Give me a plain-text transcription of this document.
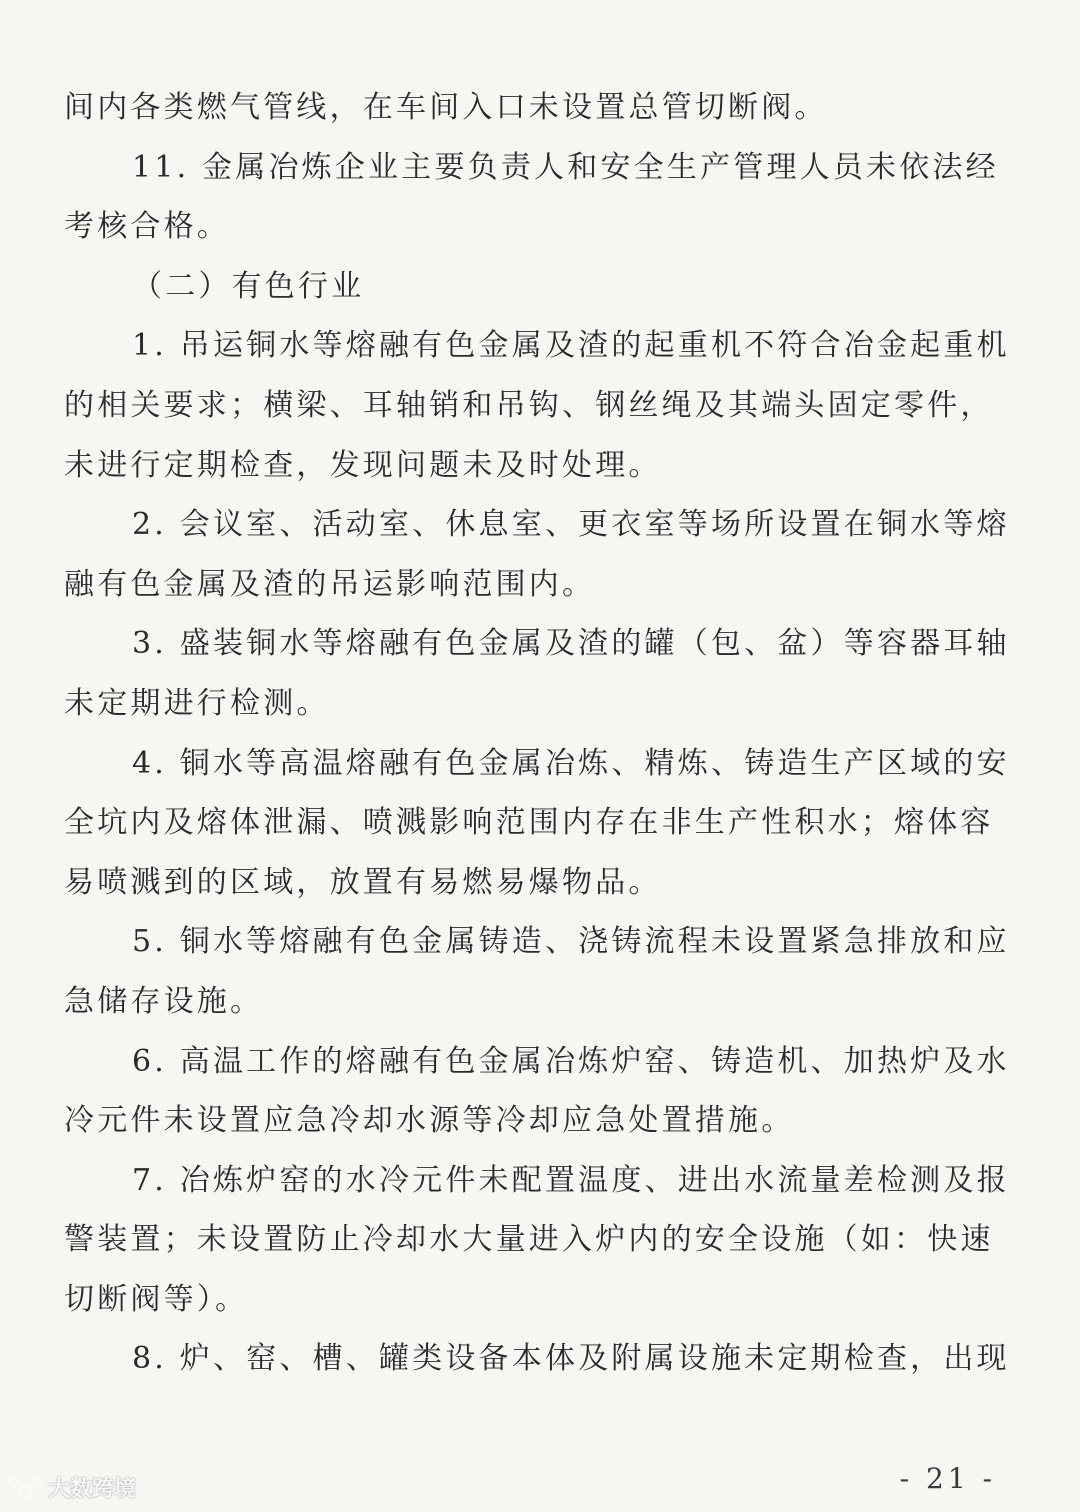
间内各类燃气管线，在车间入口未设置总管切断阀。
11. 金属冶炼企业主要负责人和安全生产管理人员未依法经
考核合格。
（二）有色行业
1. 吊运铜水等熔融有色金属及渣的起重机不符合冶金起重机
的相关要求；横梁、耳轴销和吊钩、钢丝绳及其端头固定零件，
未进行定期检查，发现问题未及时处理。
2. 会议室、活动室、休息室、更衣室等场所设置在铜水等熔
融有色金属及渣的吊运影响范围内。
3. 盛装铜水等熔融有色金属及渣的罐（包、盆）等容器耳轴
未定期进行检测。
4. 铜水等高温熔融有色金属冶炼、精炼、铸造生产区域的安
全坑内及熔体泄漏、喷溅影响范围内存在非生产性积水；熔体容
易喷溅到的区域，放置有易燃易爆物品。
5. 铜水等熔融有色金属铸造、浇铸流程未设置紧急排放和应
急储存设施。
6. 高温工作的熔融有色金属冶炼炉窑、铸造机、加热炉及水
冷元件未设置应急冷却水源等冷却应急处置措施。
7. 冶炼炉窑的水冷元件未配置温度、进出水流量差检测及报
警装置；未设置防止冷却水大量进入炉内的安全设施（如：快速
切断阀等）。
8. 炉、窑、槽、罐类设备本体及附属设施未定期检查，出现
- 21 -
大数跨境
